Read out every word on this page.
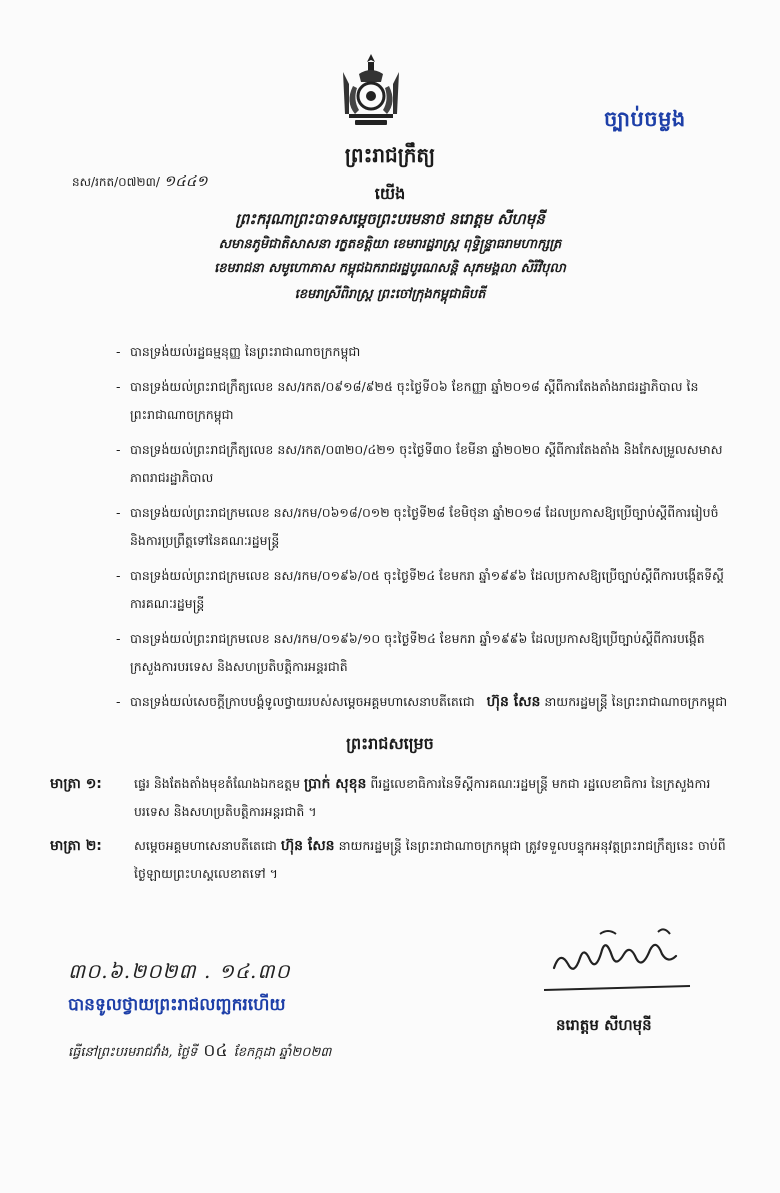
ច្បាប់ចម្លង
ព្រះរាជក្រឹត្យ
នស/រកត/០៧២៣/ ១៤៤១
យើង
ព្រះករុណាព្រះបាទសម្តេចព្រះបរមនាថ នរោត្តម សីហមុនី
សមានភូមិជាតិសាសនា រក្ខតខត្តិយា ខេមរារដ្ឋរាស្ត្រ ពុទ្ធិន្ទ្រាធរាមហាក្សត្រ
ខេមរាជនា សមូហោភាស កម្ពុជឯករាជរដ្ឋបូរណសន្តិ សុភមង្គលា សិរីវិបុលា
ខេមរាស្រីពិរាស្ត្រ ព្រះចៅក្រុងកម្ពុជាធិបតី
- បានទ្រង់យល់រដ្ឋធម្មនុញ្ញ នៃព្រះរាជាណាចក្រកម្ពុជា
- បានទ្រង់យល់ព្រះរាជក្រឹត្យលេខ នស/រកត/០៩១៨/៩២៥ ចុះថ្ងៃទី០៦ ខែកញ្ញា ឆ្នាំ២០១៨ ស្តីពីការតែងតាំងរាជរដ្ឋាភិបាល នៃព្រះរាជាណាចក្រកម្ពុជា
- បានទ្រង់យល់ព្រះរាជក្រឹត្យលេខ នស/រកត/០៣២០/៤២១ ចុះថ្ងៃទី៣០ ខែមីនា ឆ្នាំ២០២០ ស្តីពីការតែងតាំង និងកែសម្រួលសមាសភាពរាជរដ្ឋាភិបាល
- បានទ្រង់យល់ព្រះរាជក្រមលេខ នស/រកម/០៦១៨/០១២ ចុះថ្ងៃទី២៨ ខែមិថុនា ឆ្នាំ២០១៨ ដែលប្រកាសឱ្យប្រើច្បាប់ស្តីពីការរៀបចំ និងការប្រព្រឹត្តទៅនៃគណៈរដ្ឋមន្ត្រី
- បានទ្រង់យល់ព្រះរាជក្រមលេខ នស/រកម/០១៩៦/០៥ ចុះថ្ងៃទី២៤ ខែមករា ឆ្នាំ១៩៩៦ ដែលប្រកាសឱ្យប្រើច្បាប់ស្តីពីការបង្កើតទីស្តីការគណៈរដ្ឋមន្ត្រី
- បានទ្រង់យល់ព្រះរាជក្រមលេខ នស/រកម/០១៩៦/១០ ចុះថ្ងៃទី២៤ ខែមករា ឆ្នាំ១៩៩៦ ដែលប្រកាសឱ្យប្រើច្បាប់ស្តីពីការបង្កើតក្រសួងការបរទេស និងសហប្រតិបត្តិការអន្តរជាតិ
- បានទ្រង់យល់សេចក្តីក្រាបបង្គំទូលថ្វាយរបស់សម្តេចអគ្គមហាសេនាបតីតេជោ ហ៊ុន សែន នាយករដ្ឋមន្ត្រី នៃព្រះរាជាណាចក្រកម្ពុជា
ព្រះរាជសម្រេច
មាត្រា ១:	ផ្ទេរ និងតែងតាំងមុខតំណែងឯកឧត្តម ប្រាក់ សុខុន ពីរដ្ឋលេខាធិការនៃទីស្តីការគណៈរដ្ឋមន្ត្រី មកជា រដ្ឋលេខាធិការ នៃក្រសួងការបរទេស និងសហប្រតិបត្តិការអន្តរជាតិ ។
មាត្រា ២:	សម្តេចអគ្គមហាសេនាបតីតេជោ ហ៊ុន សែន នាយករដ្ឋមន្ត្រី នៃព្រះរាជាណាចក្រកម្ពុជា ត្រូវទទួលបន្ទុកអនុវត្តព្រះរាជក្រឹត្យនេះ ចាប់ពីថ្ងៃឡាយព្រះហស្តលេខាតទៅ ។
៣០.៦.២០២៣ . ១៤.៣០
បានទូលថ្វាយព្រះរាជលញ្ឆករហើយ
ធ្វើនៅព្រះបរមរាជវាំង, ថ្ងៃទី ០៤ ខែកក្កដា ឆ្នាំ២០២៣
នរោត្តម សីហមុនី
